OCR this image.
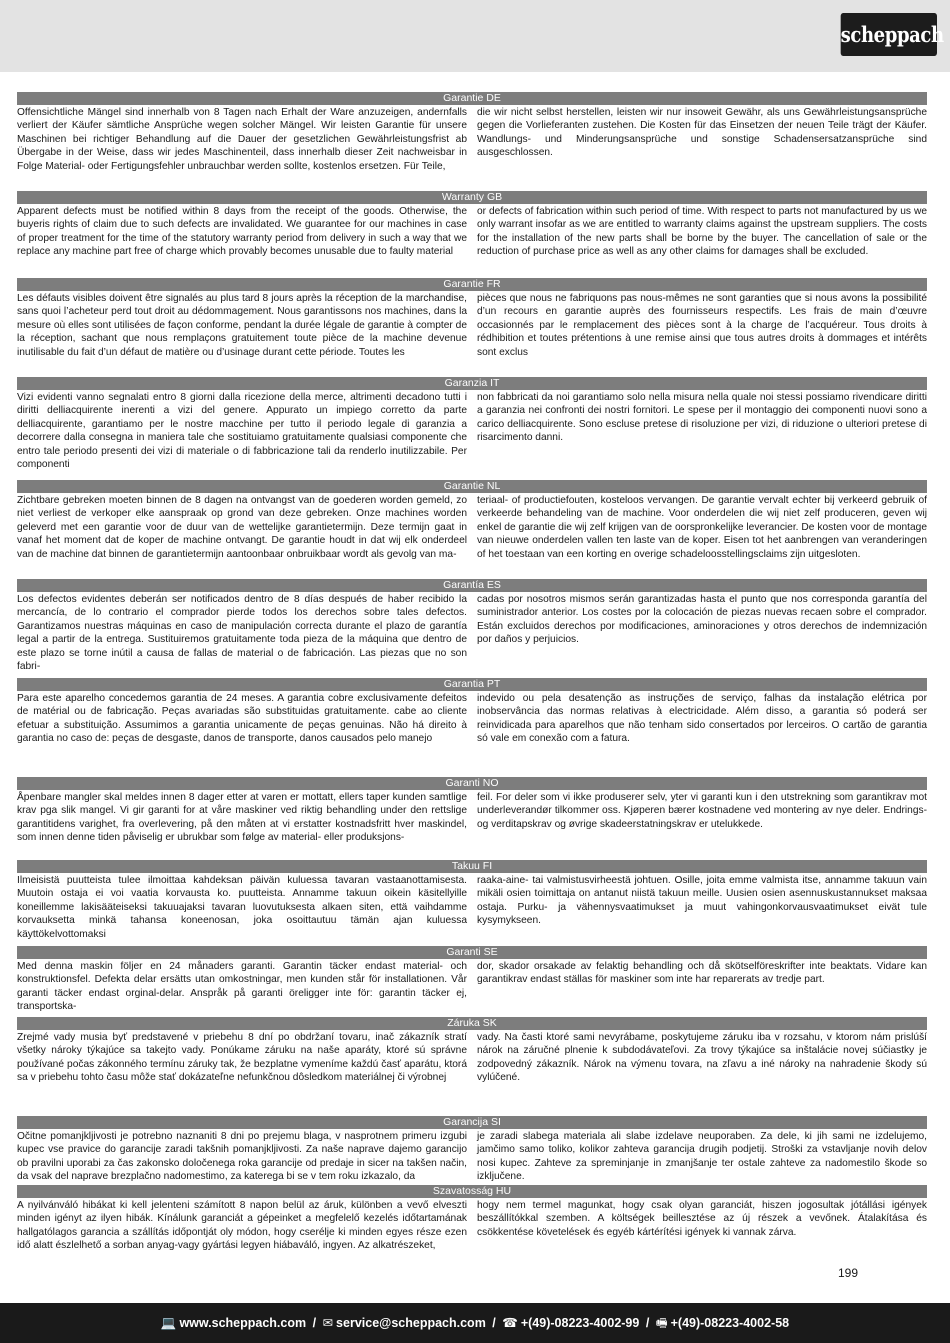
scheppach
Garantie DE
Offensichtliche Mängel sind innerhalb von 8 Tagen nach Erhalt der Ware anzuzeigen, andernfalls verliert der Käufer sämtliche Ansprüche wegen solcher Mängel. Wir leisten Garantie für unsere Maschinen bei richtiger Behandlung auf die Dauer der gesetzlichen Gewährleistungsfrist ab Übergabe in der Weise, dass wir jedes Maschinenteil, dass innerhalb dieser Zeit nachweisbar in Folge Material- oder Fertigungsfehler unbrauchbar werden sollte, kostenlos ersetzen. Für Teile,
die wir nicht selbst herstellen, leisten wir nur insoweit Gewähr, als uns Gewährleistungsansprüche gegen die Vorlieferanten zustehen. Die Kosten für das Einsetzen der neuen Teile trägt der Käufer. Wandlungs- und Minderungsansprüche und sonstige Schadensersatzansprüche sind ausgeschlossen.
Warranty GB
Apparent defects must be notified within 8 days from the receipt of the goods. Otherwise, the buyeris rights of claim due to such defects are invalidated. We guarantee for our machines in case of proper treatment for the time of the statutory warranty period from delivery in such a way that we replace any machine part free of charge which provably becomes unusable due to faulty material
or defects of fabrication within such period of time. With respect to parts not manufactured by us we only warrant insofar as we are entitled to warranty claims against the upstream suppliers. The costs for the installation of the new parts shall be borne by the buyer. The cancellation of sale or the reduction of purchase price as well as any other claims for damages shall be excluded.
Garantie FR
Les défauts visibles doivent être signalés au plus tard 8 jours après la réception de la marchandise, sans quoi l’acheteur perd tout droit au dédommagement. Nous garantissons nos machines, dans la mesure où elles sont utilisées de façon conforme, pendant la durée légale de garantie à compter de la réception, sachant que nous remplaçons gratuitement toute pièce de la machine devenue inutilisable du fait d’un défaut de matière ou d’usinage durant cette période. Toutes les
pièces que nous ne fabriquons pas nous-mêmes ne sont garanties que si nous avons la possibilité d’un recours en garantie auprès des fournisseurs respectifs. Les frais de main d’œuvre occasionnés par le remplacement des pièces sont à la charge de l’acquéreur. Tous droits à rédhibition et toutes prétentions à une remise ainsi que tous autres droits à dommages et intérêts sont exclus
Garanzia IT
Vizi evidenti vanno segnalati entro 8 giorni dalla ricezione della merce, altrimenti decadono tutti i diritti delliacquirente inerenti a vizi del genere. Appurato un impiego corretto da parte delliacquirente, garantiamo per le nostre macchine per tutto il periodo legale di garanzia a decorrere dalla consegna in maniera tale che sostituiamo gratuitamente qualsiasi componente che entro tale periodo presenti dei vizi di materiale o di fabbricazione tali da renderlo inutilizzabile. Per componenti
non fabbricati da noi garantiamo solo nella misura nella quale noi stessi possiamo rivendicare diritti a garanzia nei confronti dei nostri fornitori. Le spese per il montaggio dei componenti nuovi sono a carico delliacquirente. Sono escluse pretese di risoluzione per vizi, di riduzione o ulteriori pretese di risarcimento danni.
Garantie NL
Zichtbare gebreken moeten binnen de 8 dagen na ontvangst van de goederen worden gemeld, zo niet verliest de verkoper elke aanspraak op grond van deze gebreken. Onze machines worden geleverd met een garantie voor de duur van de wettelijke garantietermijn. Deze termijn gaat in vanaf het moment dat de koper de machine ontvangt. De garantie houdt in dat wij elk onderdeel van de machine dat binnen de garantietermijn aantoonbaar onbruikbaar wordt als gevolg van ma-
teriaal- of productiefouten, kosteloos vervangen. De garantie vervalt echter bij verkeerd gebruik of verkeerde behandeling van de machine. Voor onderdelen die wij niet zelf produceren, geven wij enkel de garantie die wij zelf krijgen van de oorspronkelijke leverancier. De kosten voor de montage van nieuwe onderdelen vallen ten laste van de koper. Eisen tot het aanbrengen van veranderingen of het toestaan van een korting en overige schadeloosstellingsclaims zijn uitgesloten.
Garantía ES
Los defectos evidentes deberán ser notificados dentro de 8 días después de haber recibido la mercancía, de lo contrario el comprador pierde todos los derechos sobre tales defectos. Garantizamos nuestras máquinas en caso de manipulación correcta durante el plazo de garantía legal a partir de la entrega. Sustituiremos gratuitamente toda pieza de la máquina que dentro de este plazo se torne inútil a causa de fallas de material o de fabricación. Las piezas que no son fabri-
cadas por nosotros mismos serán garantizadas hasta el punto que nos corresponda garantía del suministrador anterior. Los costes por la colocación de piezas nuevas recaen sobre el comprador. Están excluidos derechos por modificaciones, aminoraciones y otros derechos de indemnización por daños y perjuicios.
Garantia PT
Para este aparelho concedemos garantia de 24 meses. A garantia cobre exclusivamente defeitos de matérial ou de fabricação. Peças avariadas são substituidas gratuitamente. cabe ao cliente efetuar a substituição. Assumimos a garantia unicamente de peças genuinas. Não há direito à garantia no caso de: peças de desgaste, danos de transporte, danos causados pelo manejo
indevido ou pela desatenção as instruções de serviço, falhas da instalação elétrica por inobservância das normas relativas à electricidade. Além disso, a garantia só poderá ser reinvidicada para aparelhos que não tenham sido consertados por lerceiros. O cartão de garantia só vale em conexão com a fatura.
Garanti NO
Åpenbare mangler skal meldes innen 8 dager etter at varen er mottatt, ellers taper kunden samtlige krav pga slik mangel. Vi gir garanti for at våre maskiner ved riktig behandling under den rettslige garantitidens varighet, fra overlevering, på den måten at vi erstatter kostnadsfritt hver maskindel, som innen denne tiden påviselig er ubrukbar som følge av material- eller produksjons-
feil. For deler som vi ikke produserer selv, yter vi garanti kun i den utstrekning som garantikrav mot underleverandør tilkommer oss. Kjøperen bærer kostnadene ved montering av nye deler. Endrings- og verditapskrav og øvrige skadeerstatningskrav er utelukkede.
Takuu FI
Ilmeisistä puutteista tulee ilmoittaa kahdeksan päivän kuluessa tavaran vastaanottamisesta. Muutoin ostaja ei voi vaatia korvausta ko. puutteista. Annamme takuun oikein käsitellyille koneillemme lakisääteiseksi takuuajaksi tavaran luovutuksesta alkaen siten, että vaihdamme korvauksetta minkä tahansa koneenosan, joka osoittautuu tämän ajan kuluessa käyttökelvottomaksi
raaka-aine- tai valmistusvirheestä johtuen. Osille, joita emme valmista itse, annamme takuun vain mikäli osien toimittaja on antanut niistä takuun meille. Uusien osien asennuskustannukset maksaa ostaja. Purku- ja vähennysvaatimukset ja muut vahingonkorvausvaatimukset eivät tule kysymykseen.
Garanti SE
Med denna maskin följer en 24 månaders garanti. Garantin täcker endast material- och konstruktionsfel. Defekta delar ersätts utan omkostningar, men kunden står för installationen. Vår garanti täcker endast orginal-delar. Anspråk på garanti öreligger inte för: garantin täcker ej, transportska-
dor, skador orsakade av felaktig behandling och då skötselföreskrifter inte beaktats. Vidare kan garantikrav endast ställas för maskiner som inte har reparerats av tredje part.
Záruka SK
Zrejmé vady musia byť predstavené v priebehu 8 dní po obdržaní tovaru, inač zákazník stratí všetky nároky týkajúce sa takejto vady. Ponúkame záruku na naše aparáty, ktoré sú správne používané počas zákonného termínu záruky tak, že bezplatne vymeníme každú časť aparátu, ktorá sa v priebehu tohto času môže stať dokázateľne nefunkčnou dôsledkom materiálnej či výrobnej
vady. Na časti ktoré sami nevyrábame, poskytujeme záruku iba v rozsahu, v ktorom nám prislúší nárok na záručné plnenie k subdodávateľovi. Za trovy týkajúce sa inštalácie novej súčiastky je zodpovedný zákazník. Nárok na výmenu tovara, na zľavu a iné nároky na nahradenie škody sú vylúčené.
Garancija SI
Očitne pomanjkljivosti je potrebno naznaniti 8 dni po prejemu blaga, v nasprotnem primeru izgubi kupec vse pravice do garancije zaradi takšnih pomanjkljivosti. Za naše naprave dajemo garancijo ob pravilni uporabi za čas zakonsko določenega roka garancije od predaje in sicer na takšen način, da vsak del naprave brezplačno nadomestimo, za katerega bi se v tem roku izkazalo, da
je zaradi slabega materiala ali slabe izdelave neuporaben. Za dele, ki jih sami ne izdelujemo, jamčimo samo toliko, kolikor zahteva garancija drugih podjetij. Stroški za vstavljanje novih delov nosi kupec. Zahteve za spreminjanje in zmanjšanje ter ostale zahteve za nadomestilo škode so izključene.
Szavatosság HU
A nyilvánváló hibákat ki kell jelenteni számított 8 napon belül az áruk, különben a vevő elveszti minden igényt az ilyen hibák. Kínálunk garanciát a gépeinket a megfelelő kezelés időtartamának hallgatólagos garancia a szállítás időpontját oly módon, hogy cserélje ki minden egyes része ezen idő alatt észlelhető a sorban anyag-vagy gyártási legyen hiábaváló, ingyen. Az alkatrészeket,
hogy nem termel magunkat, hogy csak olyan garanciát, hiszen jogosultak jótállási igények beszállítókkal szemben. A költségek beillesztése az új részek a vevőnek. Átalakítása és csökkentése követelések és egyéb kártérítési igények ki vannak zárva.
199
💻 www.scheppach.com / ✉ service@scheppach.com / ☎ +(49)-08223-4002-99 / 🖷 +(49)-08223-4002-58
